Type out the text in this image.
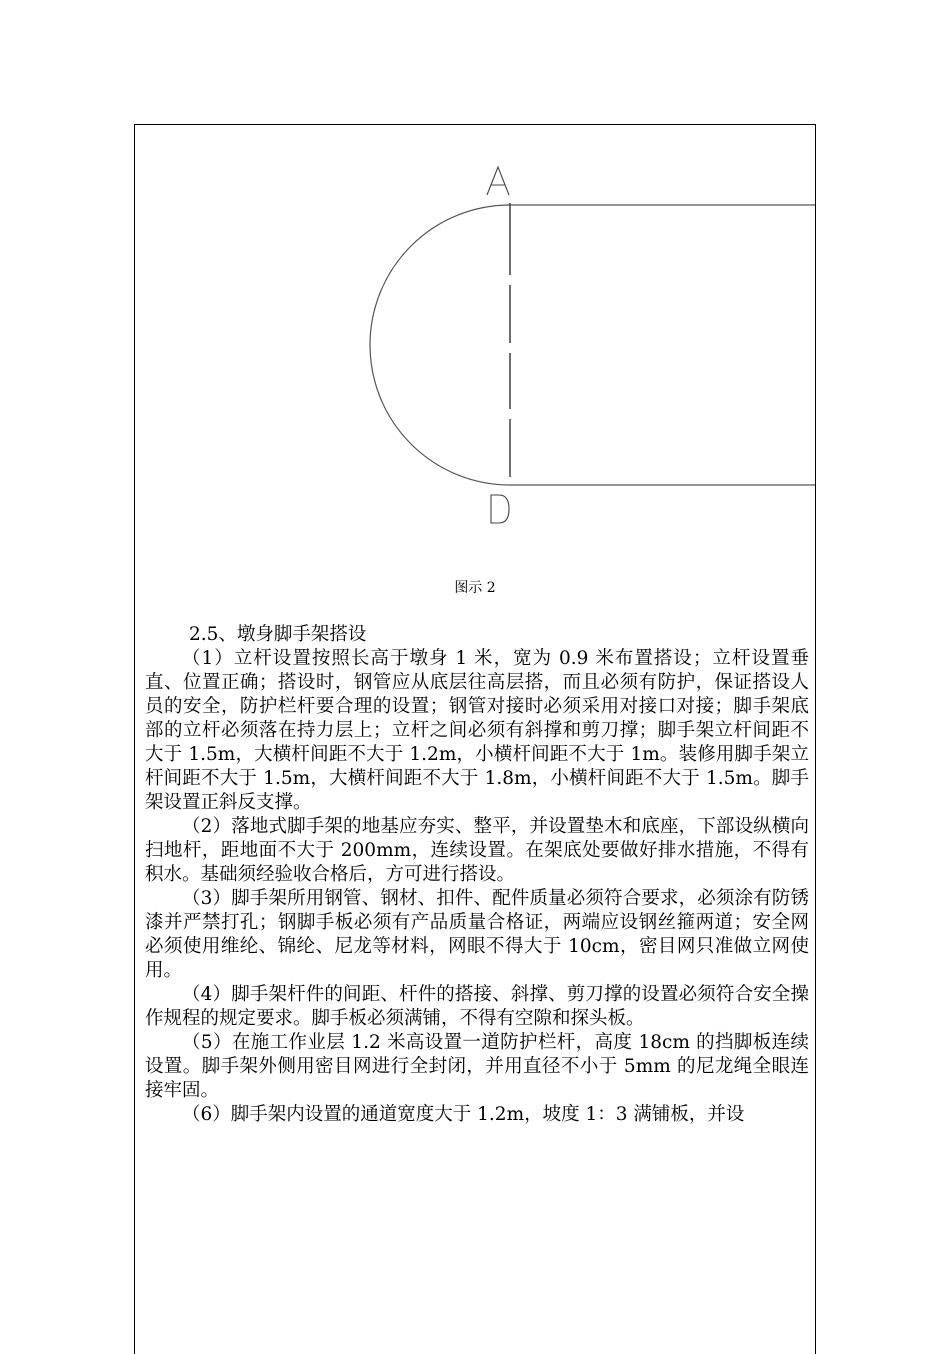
图示 2

2.5、墩身脚手架搭设

（1）立杆设置按照长高于墩身 1 米，宽为 0.9 米布置搭设；立杆设置垂直、位置正确；搭设时，钢管应从底层往高层搭，而且必须有防护，保证搭设人员的安全，防护栏杆要合理的设置；钢管对接时必须采用对接口对接；脚手架底部的立杆必须落在持力层上；立杆之间必须有斜撑和剪刀撑；脚手架立杆间距不大于 1.5m，大横杆间距不大于 1.2m，小横杆间距不大于 1m。装修用脚手架立杆间距不大于 1.5m，大横杆间距不大于 1.8m，小横杆间距不大于 1.5m。脚手架设置正斜反支撑。

（2）落地式脚手架的地基应夯实、整平，并设置垫木和底座，下部设纵横向扫地杆，距地面不大于 200mm，连续设置。在架底处要做好排水措施，不得有积水。基础须经验收合格后，方可进行搭设。

（3）脚手架所用钢管、钢材、扣件、配件质量必须符合要求，必须涂有防锈漆并严禁打孔；钢脚手板必须有产品质量合格证，两端应设钢丝箍两道；安全网必须使用维纶、锦纶、尼龙等材料，网眼不得大于 10cm，密目网只准做立网使用。

（4）脚手架杆件的间距、杆件的搭接、斜撑、剪刀撑的设置必须符合安全操作规程的规定要求。脚手板必须满铺，不得有空隙和探头板。

（5）在施工作业层 1.2 米高设置一道防护栏杆，高度 18cm 的挡脚板连续设置。脚手架外侧用密目网进行全封闭，并用直径不小于 5mm 的尼龙绳全眼连接牢固。

（6）脚手架内设置的通道宽度大于 1.2m，坡度 1：3 满铺板，并设
